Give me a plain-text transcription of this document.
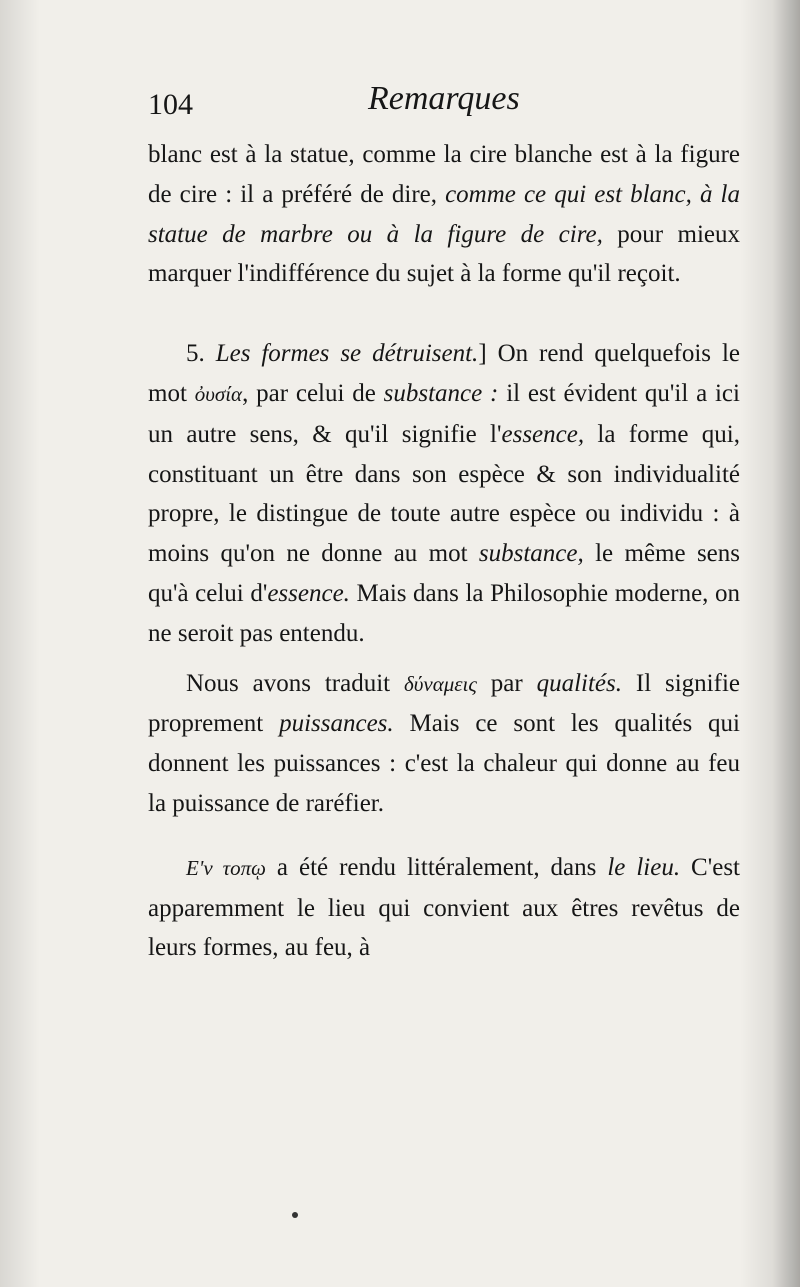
104	Remarques

blanc est à la statue, comme la cire blanche est à la figure de cire : il a préféré de dire, comme ce qui est blanc, à la statue de marbre ou à la figure de cire, pour mieux marquer l'indifférence du sujet à la forme qu'il reçoit.

5. Les formes se détruisent.] On rend quelquefois le mot ὀυσία, par celui de substance : il est évident qu'il a ici un autre sens, & qu'il signifie l'essence, la forme qui, constituant un être dans son espèce & son individualité propre, le distingue de toute autre espèce ou individu : à moins qu'on ne donne au mot substance, le même sens qu'à celui d'essence. Mais dans la Philosophie moderne, on ne seroit pas entendu.

Nous avons traduit δύναμεις par qualités. Il signifie proprement puissances. Mais ce sont les qualités qui donnent les puissances : c'est la chaleur qui donne au feu la puissance de raréfier.

Ε'ν τοπῳ a été rendu littéralement, dans le lieu. C'est apparemment le lieu qui convient aux êtres revêtus de leurs formes, au feu, à
